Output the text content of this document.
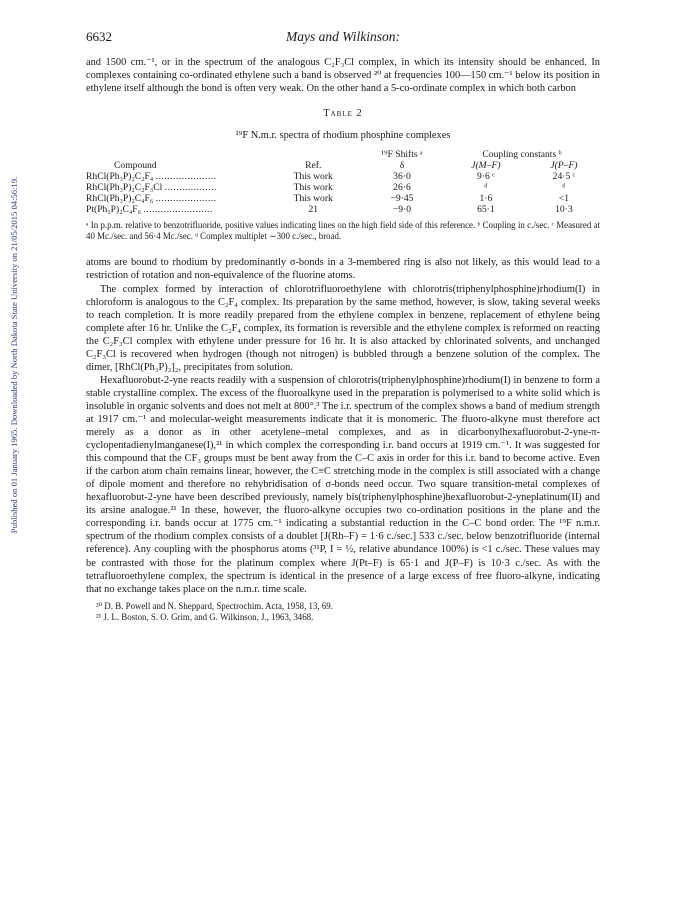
Published on 01 January 1965. Downloaded by North Dakota State University on 21/05/2015 04:56:19.
6632	Mays and Wilkinson:

and 1500 cm.⁻¹, or in the spectrum of the analogous C₂F₃Cl complex, in which its intensity should be enhanced. In complexes containing co-ordinated ethylene such a band is observed ²⁰ at frequencies 100—150 cm.⁻¹ below its position in ethylene itself although the bond is often very weak. On the other hand a 5-co-ordinate complex in which both carbon

Table 2
¹⁹F N.m.r. spectra of rhodium phosphine complexes
		¹⁹F Shifts ᵃ	Coupling constants ᵇ	
Compound	Ref.	δ	J(M–F)	J(P–F)
RhCl(Ph₃P)₂C₂F₄ .....................	This work	36·0	9·6 ᶜ	24·5 ᶜ
RhCl(Ph₃P)₂C₂F₃Cl ..................	This work	26·6	ᵈ	ᵈ
RhCl(Ph₃P)₂C₄F₆ .....................	This work	−9·45	1·6	<1
Pt(Ph₃P)₂C₄F₆ ........................	21	−9·0	65·1	10·3

ᵃ In p.p.m. relative to benzotrifluoride, positive values indicating lines on the high field side of this reference. ᵇ Coupling in c./sec. ᶜ Measured at 40 Mc./sec. and 56·4 Mc./sec. ᵈ Complex multiplet ∼300 c./sec., broad.

atoms are bound to rhodium by predominantly σ-bonds in a 3-membered ring is also not likely, as this would lead to a restriction of rotation and non-equivalence of the fluorine atoms.

The complex formed by interaction of chlorotrifluoroethylene with chlorotris(triphenylphosphine)rhodium(I) in chloroform is analogous to the C₂F₄ complex. Its preparation by the same method, however, is slow, taking several weeks to reach completion. It is more readily prepared from the ethylene complex in benzene, replacement of ethylene being complete after 16 hr. Unlike the C₂F₄ complex, its formation is reversible and the ethylene complex is reformed on reacting the C₂F₃Cl complex with ethylene under pressure for 16 hr. It is also attacked by chlorinated solvents, and unchanged C₂F₃Cl is recovered when hydrogen (though not nitrogen) is bubbled through a benzene solution of the complex. The dimer, [RhCl(Ph₃P)₂]₂, precipitates from solution.

Hexafluorobut-2-yne reacts readily with a suspension of chlorotris(triphenylphosphine)rhodium(I) in benzene to form a stable crystalline complex. The excess of the fluoroalkyne used in the preparation is polymerised to a white solid which is insoluble in organic solvents and does not melt at 800°.³ The i.r. spectrum of the complex shows a band of medium strength at 1917 cm.⁻¹ and molecular-weight measurements indicate that it is monomeric. The fluoro-alkyne must therefore act merely as a donor as in other acetylene–metal complexes, and as in dicarbonylhexafluorobut-2-yne-π-cyclopentadienylmanganese(I),²¹ in which complex the corresponding i.r. band occurs at 1919 cm.⁻¹. It was suggested for this compound that the CF₃ groups must be bent away from the C–C axis in order for this i.r. band to become active. Even if the carbon atom chain remains linear, however, the C≡C stretching mode in the complex is still associated with a change of dipole moment and therefore no rehybridisation of σ-bonds need occur. Two square transition-metal complexes of hexafluorobut-2-yne have been described previously, namely bis(triphenylphosphine)hexafluorobut-2-yneplatinum(II) and its arsine analogue.²¹ In these, however, the fluoro-alkyne occupies two co-ordination positions in the plane and the corresponding i.r. bands occur at 1775 cm.⁻¹ indicating a substantial reduction in the C–C bond order. The ¹⁹F n.m.r. spectrum of the rhodium complex consists of a doublet [J(Rh–F) = 1·6 c./sec.] 533 c./sec. below benzotrifluoride (internal reference). Any coupling with the phosphorus atoms (³¹P, I = ½, relative abundance 100%) is <1 c./sec. These values may be contrasted with those for the platinum complex where J(Pt–F) is 65·1 and J(P–F) is 10·3 c./sec. As with the tetrafluoroethylene complex, the spectrum is identical in the presence of a large excess of free fluoro-alkyne, indicating that no exchange takes place on the n.m.r. time scale.

²⁰ D. B. Powell and N. Sheppard, Spectrochim. Acta, 1958, 13, 69.
²¹ J. L. Boston, S. O. Grim, and G. Wilkinson, J., 1963, 3468.
